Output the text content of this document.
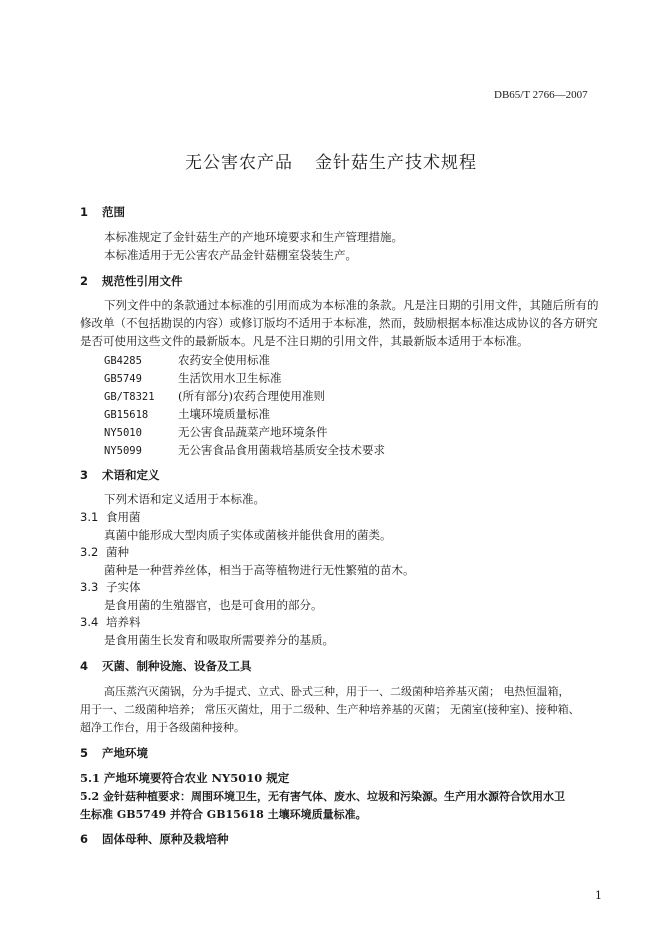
DB65/T 2766—2007
无公害农产品 金针菇生产技术规程
1 范围
本标准规定了金针菇生产的产地环境要求和生产管理措施。
本标准适用于无公害农产品金针菇棚室袋装生产。
2 规范性引用文件
下列文件中的条款通过本标准的引用而成为本标准的条款。凡是注日期的引用文件，其随后所有的
修改单（不包括勘误的内容）或修订版均不适用于本标准，然而，鼓励根据本标准达成协议的各方研究
是否可使用这些文件的最新版本。凡是不注日期的引用文件，其最新版本适用于本标准。
GB4285	农药安全使用标准
GB5749	生活饮用水卫生标准
GB/T8321 (所有部分)农药合理使用准则
GB15618	土壤环境质量标准
NY5010	无公害食品蔬菜产地环境条件
NY5099	无公害食品食用菌栽培基质安全技术要求
3 术语和定义
下列术语和定义适用于本标准。
3.1 食用菌
真菌中能形成大型肉质子实体或菌核并能供食用的菌类。
3.2 菌种
菌种是一种营养丝体，相当于高等植物进行无性繁殖的苗木。
3.3 子实体
是食用菌的生殖器官，也是可食用的部分。
3.4 培养料
是食用菌生长发育和吸取所需要养分的基质。
4 灭菌、制种设施、设备及工具
高压蒸汽灭菌锅，分为手提式、立式、卧式三种，用于一、二级菌种培养基灭菌； 电热恒温箱，
用于一、二级菌种培养； 常压灭菌灶，用于二级种、生产种培养基的灭菌； 无菌室(接种室)、接种箱、
超净工作台，用于各级菌种接种。
5 产地环境
5.1 产地环境要符合农业 NY5010 规定
5.2 金针菇种植要求：周围环境卫生，无有害气体、废水、垃圾和污染源。生产用水源符合饮用水卫
生标准 GB5749 并符合 GB15618 土壤环境质量标准。
6 固体母种、原种及栽培种
1
